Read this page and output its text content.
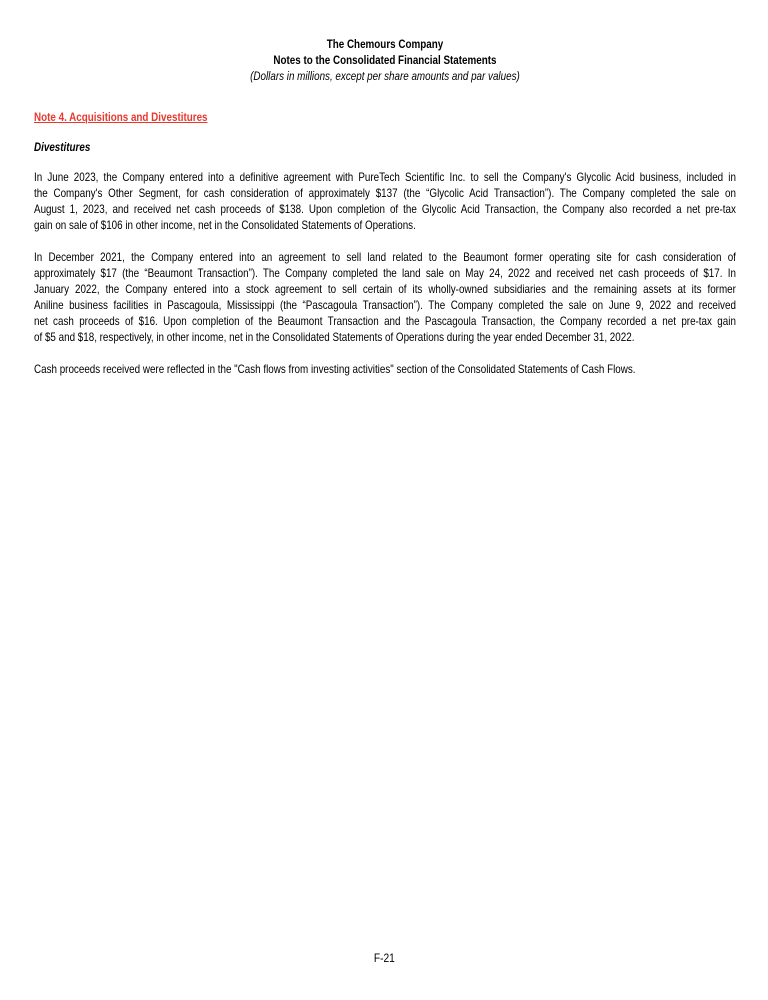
The Chemours Company
Notes to the Consolidated Financial Statements
(Dollars in millions, except per share amounts and par values)
Note 4. Acquisitions and Divestitures
Divestitures
In June 2023, the Company entered into a definitive agreement with PureTech Scientific Inc. to sell the Company's Glycolic Acid business, included in
the Company's Other Segment, for cash consideration of approximately $137 (the “Glycolic Acid Transaction”). The Company completed the sale on
August 1, 2023, and received net cash proceeds of $138. Upon completion of the Glycolic Acid Transaction, the Company also recorded a net pre-tax
gain on sale of $106 in other income, net in the Consolidated Statements of Operations.
In December 2021, the Company entered into an agreement to sell land related to the Beaumont former operating site for cash consideration of
approximately $17 (the “Beaumont Transaction”). The Company completed the land sale on May 24, 2022 and received net cash proceeds of $17. In
January 2022, the Company entered into a stock agreement to sell certain of its wholly-owned subsidiaries and the remaining assets at its former
Aniline business facilities in Pascagoula, Mississippi (the “Pascagoula Transaction”). The Company completed the sale on June 9, 2022 and received
net cash proceeds of $16. Upon completion of the Beaumont Transaction and the Pascagoula Transaction, the Company recorded a net pre-tax gain
of $5 and $18, respectively, in other income, net in the Consolidated Statements of Operations during the year ended December 31, 2022.
Cash proceeds received were reflected in the "Cash flows from investing activities" section of the Consolidated Statements of Cash Flows.
F-21
